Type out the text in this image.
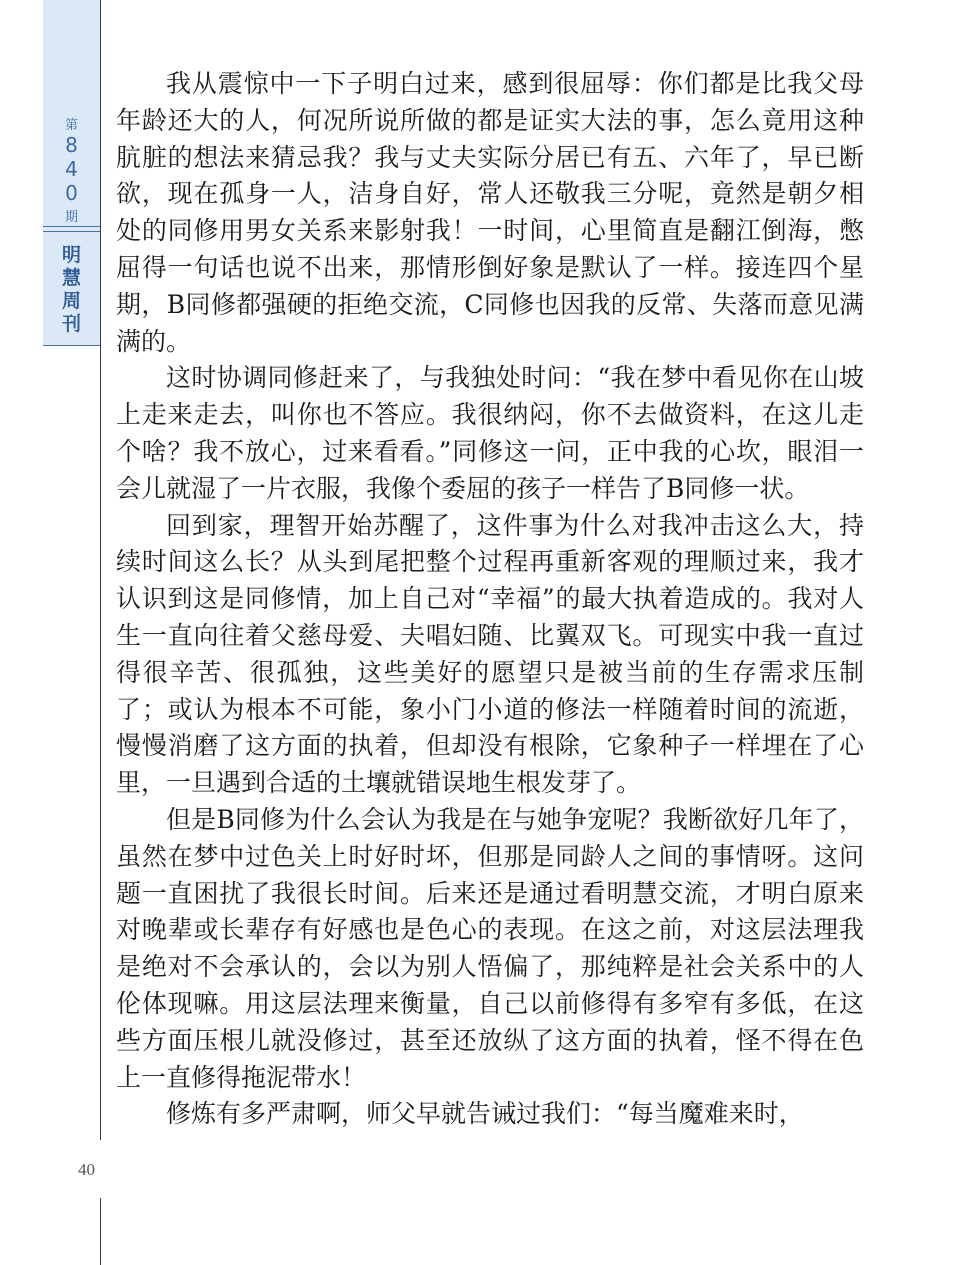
第
8
4
0
期
明
慧
周
刊
40

我从震惊中一下子明白过来，感到很屈辱：你们都是比我父母年龄还大的人，何况所说所做的都是证实大法的事，怎么竟用这种肮脏的想法来猜忌我？我与丈夫实际分居已有五、六年了，早已断欲，现在孤身一人，洁身自好，常人还敬我三分呢，竟然是朝夕相处的同修用男女关系来影射我！一时间，心里简直是翻江倒海，憋屈得一句话也说不出来，那情形倒好象是默认了一样。接连四个星期，B同修都强硬的拒绝交流，C同修也因我的反常、失落而意见满满的。

这时协调同修赶来了，与我独处时问：“我在梦中看见你在山坡上走来走去，叫你也不答应。我很纳闷，你不去做资料，在这儿走个啥？我不放心，过来看看。”同修这一问，正中我的心坎，眼泪一会儿就湿了一片衣服，我像个委屈的孩子一样告了B同修一状。

回到家，理智开始苏醒了，这件事为什么对我冲击这么大，持续时间这么长？从头到尾把整个过程再重新客观的理顺过来，我才认识到这是同修情，加上自己对“幸福”的最大执着造成的。我对人生一直向往着父慈母爱、夫唱妇随、比翼双飞。可现实中我一直过得很辛苦、很孤独，这些美好的愿望只是被当前的生存需求压制了；或认为根本不可能，象小门小道的修法一样随着时间的流逝，慢慢消磨了这方面的执着，但却没有根除，它象种子一样埋在了心里，一旦遇到合适的土壤就错误地生根发芽了。

但是B同修为什么会认为我是在与她争宠呢？我断欲好几年了，虽然在梦中过色关上时好时坏，但那是同龄人之间的事情呀。这问题一直困扰了我很长时间。后来还是通过看明慧交流，才明白原来对晚辈或长辈存有好感也是色心的表现。在这之前，对这层法理我是绝对不会承认的，会以为别人悟偏了，那纯粹是社会关系中的人伦体现嘛。用这层法理来衡量，自己以前修得有多窄有多低，在这些方面压根儿就没修过，甚至还放纵了这方面的执着，怪不得在色上一直修得拖泥带水！

修炼有多严肃啊，师父早就告诫过我们：“每当魔难来时，
